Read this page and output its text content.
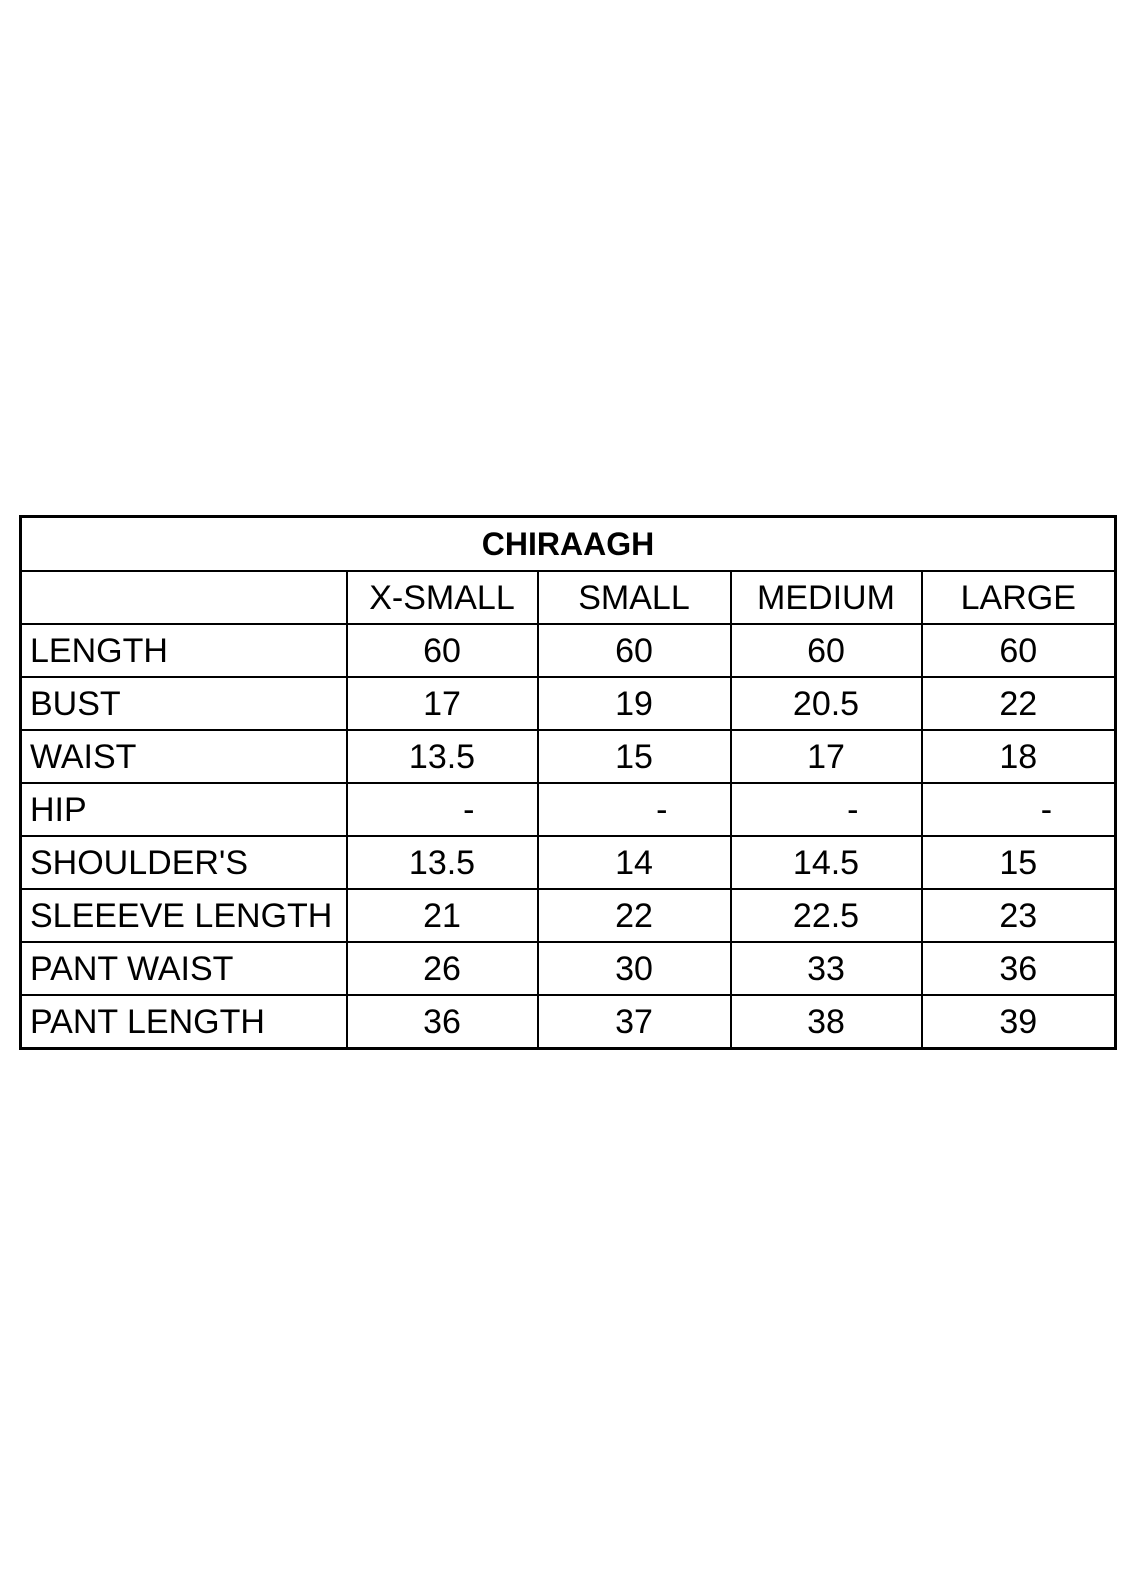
CHIRAAGH				
	X-SMALL	SMALL	MEDIUM	LARGE
LENGTH	60	60	60	60
BUST	17	19	20.5	22
WAIST	13.5	15	17	18
HIP	-	-	-	-
SHOULDER'S	13.5	14	14.5	15
SLEEEVE LENGTH	21	22	22.5	23
PANT WAIST	26	30	33	36
PANT LENGTH	36	37	38	39
